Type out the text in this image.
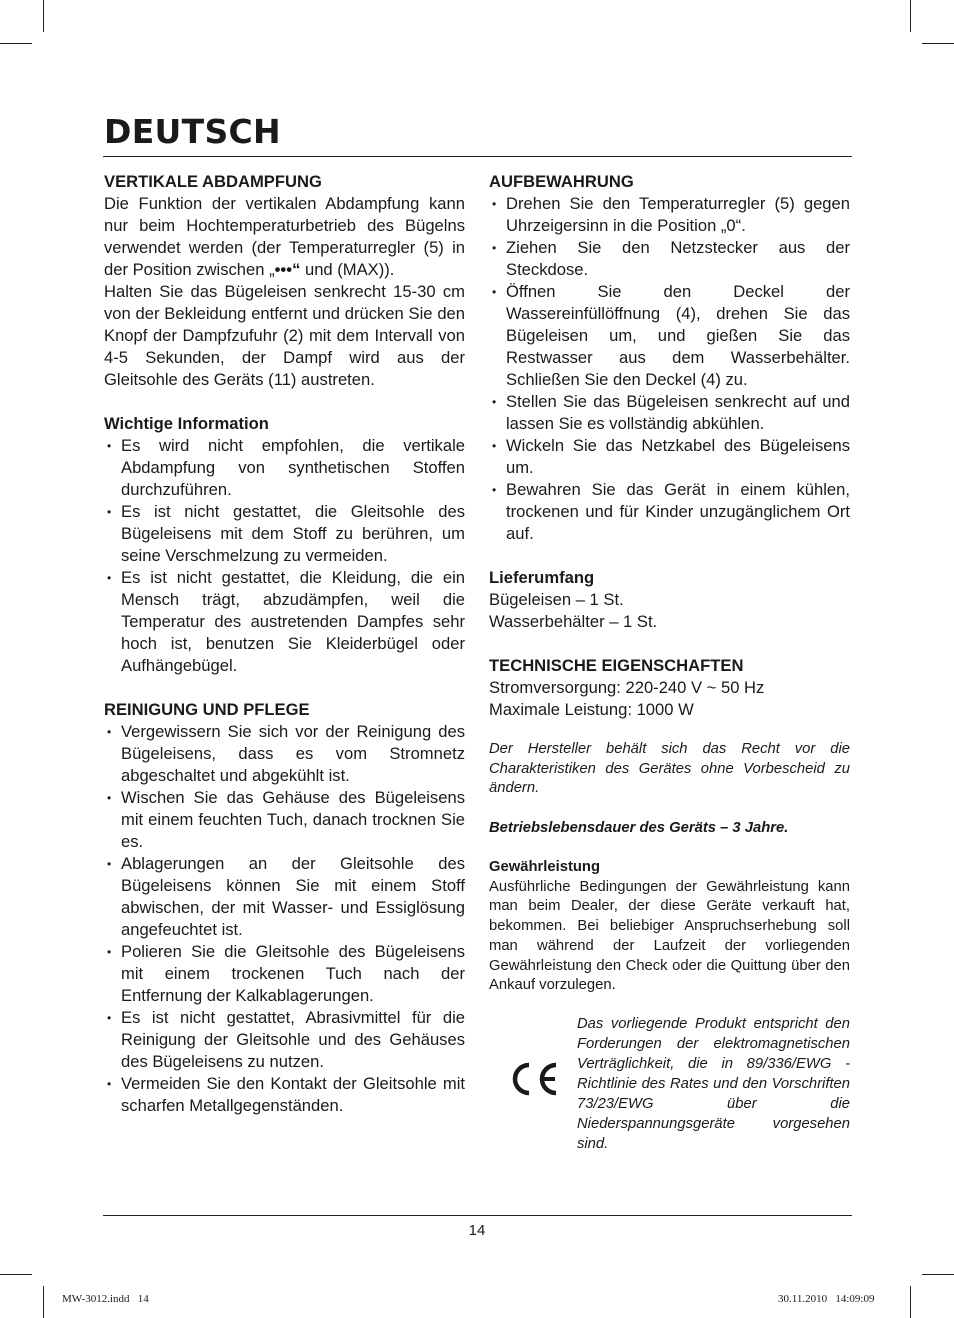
DEUTSCH
VERTIKALE ABDAMPFUNG

Die Funktion der vertikalen Abdampfung kann nur beim Hochtemperaturbetrieb des Bügelns verwendet werden (der Temperaturregler (5) in der Position zwischen „•••“ und (MAX)).

Halten Sie das Bügeleisen senkrecht 15-30 cm von der Bekleidung entfernt und drücken Sie den Knopf der Dampfzufuhr (2) mit dem Intervall von 4-5 Sekunden, der Dampf wird aus der Gleitsohle des Geräts (11) austreten.

Wichtige Information
• Es wird nicht empfohlen, die vertikale Abdampfung von synthetischen Stoffen durchzuführen.
• Es ist nicht gestattet, die Gleitsohle des Bügeleisens mit dem Stoff zu berühren, um seine Verschmelzung zu vermeiden.
• Es ist nicht gestattet, die Kleidung, die ein Mensch trägt, abzudämpfen, weil die Temperatur des austretenden Dampfes sehr hoch ist, benutzen Sie Kleiderbügel oder Aufhängebügel.
REINIGUNG UND PFLEGE
• Vergewissern Sie sich vor der Reinigung des Bügeleisens, dass es vom Stromnetz abgeschaltet und abgekühlt ist.
• Wischen Sie das Gehäuse des Bügeleisens mit einem feuchten Tuch, danach trocknen Sie es.
• Ablagerungen an der Gleitsohle des Bügeleisens können Sie mit einem Stoff abwischen, der mit Wasser- und Essiglösung angefeuchtet ist.
• Polieren Sie die Gleitsohle des Bügeleisens mit einem trockenen Tuch nach der Entfernung der Kalkablagerungen.
• Es ist nicht gestattet, Abrasivmittel für die Reinigung der Gleitsohle und des Gehäuses des Bügeleisens zu nutzen.
• Vermeiden Sie den Kontakt der Gleitsohle mit scharfen Metallgegenständen.
AUFBEWAHRUNG
• Drehen Sie den Temperaturregler (5) gegen Uhrzeigersinn in die Position „0“.
• Ziehen Sie den Netzstecker aus der Steckdose.
• Öffnen Sie den Deckel der Wassereinfüllöffnung (4), drehen Sie das Bügeleisen um, und gießen Sie das Restwasser aus dem Wasserbehälter. Schließen Sie den Deckel (4) zu.
• Stellen Sie das Bügeleisen senkrecht auf und lassen Sie es vollständig abkühlen.
• Wickeln Sie das Netzkabel des Bügeleisens um.
• Bewahren Sie das Gerät in einem kühlen, trockenen und für Kinder unzugänglichem Ort auf.
Lieferumfang
Bügeleisen – 1 St.
Wasserbehälter – 1 St.
TECHNISCHE EIGENSCHAFTEN
Stromversorgung: 220-240 V ~ 50 Hz
Maximale Leistung: 1000 W

Der Hersteller behält sich das Recht vor die Charakteristiken des Gerätes ohne Vorbescheid zu ändern.

Betriebslebensdauer des Geräts – 3 Jahre.
Gewährleistung

Ausführliche Bedingungen der Gewährleistung kann man beim Dealer, der diese Geräte verkauft hat, bekommen. Bei beliebiger Anspruchserhebung soll man während der Laufzeit der vorliegenden Gewährleistung den Check oder die Quittung über den Ankauf vorzulegen.

Das vorliegende Produkt entspricht den Forderungen der elektromagnetischen Verträglichkeit, die in 89/336/EWG -Richtlinie des Rates und den Vorschriften 73/23/EWG über die Niederspannungsgeräte vorgesehen sind.
14
MW-3012.indd   14	30.11.2010   14:09:09
